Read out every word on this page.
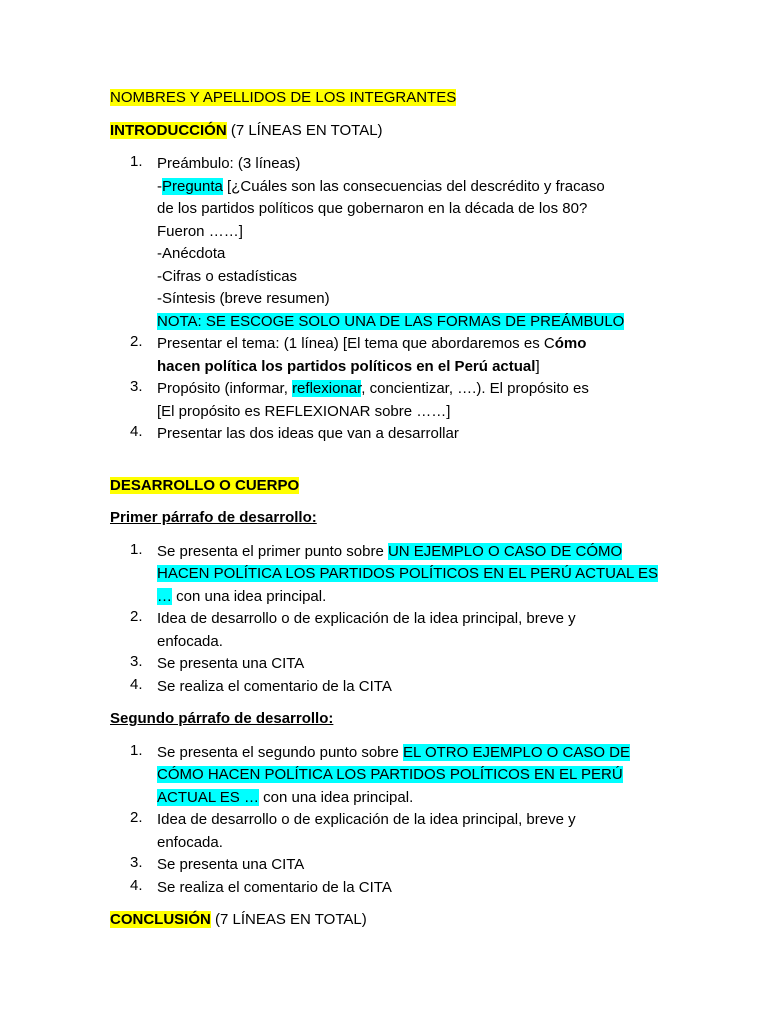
NOMBRES Y APELLIDOS DE LOS INTEGRANTES
INTRODUCCIÓN (7 LÍNEAS EN TOTAL)
1. Preámbulo: (3 líneas)
-Pregunta [¿Cuáles son las consecuencias del descrédito y fracaso
de los partidos políticos que gobernaron en la década de los 80?
Fueron ……]
-Anécdota
-Cifras o estadísticas
-Síntesis (breve resumen)
NOTA: SE ESCOGE SOLO UNA DE LAS FORMAS DE PREÁMBULO
2. Presentar el tema: (1 línea) [El tema que abordaremos es Cómo
hacen política los partidos políticos en el Perú actual]
3. Propósito (informar, reflexionar, concientizar, ….). El propósito es
[El propósito es REFLEXIONAR sobre ……]
4. Presentar las dos ideas que van a desarrollar
DESARROLLO O CUERPO
Primer párrafo de desarrollo:
1. Se presenta el primer punto sobre UN EJEMPLO O CASO DE CÓMO
HACEN POLÍTICA LOS PARTIDOS POLÍTICOS EN EL PERÚ ACTUAL ES
… con una idea principal.
2. Idea de desarrollo o de explicación de la idea principal, breve y
enfocada.
3. Se presenta una CITA
4. Se realiza el comentario de la CITA
Segundo párrafo de desarrollo:
1. Se presenta el segundo punto sobre EL OTRO EJEMPLO O CASO DE
CÓMO HACEN POLÍTICA LOS PARTIDOS POLÍTICOS EN EL PERÚ
ACTUAL ES … con una idea principal.
2. Idea de desarrollo o de explicación de la idea principal, breve y
enfocada.
3. Se presenta una CITA
4. Se realiza el comentario de la CITA
CONCLUSIÓN (7 LÍNEAS EN TOTAL)
